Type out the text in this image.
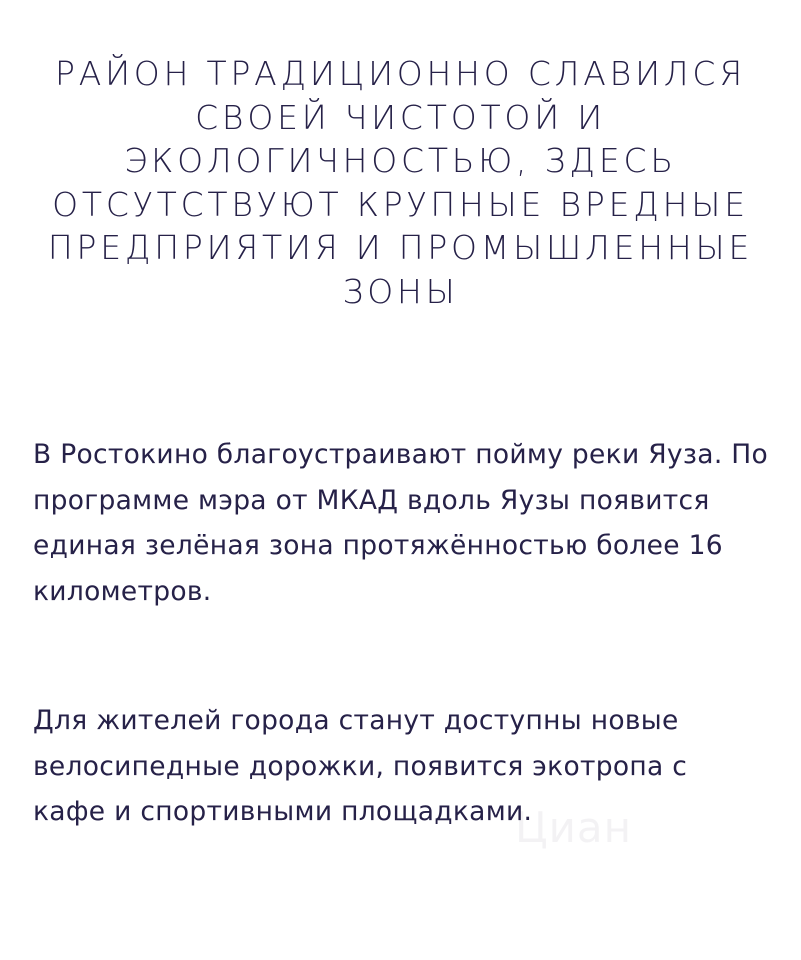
РАЙОН ТРАДИЦИОННО СЛАВИЛСЯ СВОЕЙ ЧИСТОТОЙ И ЭКОЛОГИЧНОСТЬЮ, ЗДЕСЬ ОТСУТСТВУЮТ КРУПНЫЕ ВРЕДНЫЕ ПРЕДПРИЯТИЯ И ПРОМЫШЛЕННЫЕ ЗОНЫ

В Ростокино благоустраивают пойму реки Яуза. По программе мэра от МКАД вдоль Яузы появится единая зелёная зона протяжённостью более 16 километров.

Для жителей города станут доступны новые велосипедные дорожки, появится экотропа с кафе и спортивными площадками.

Циан
